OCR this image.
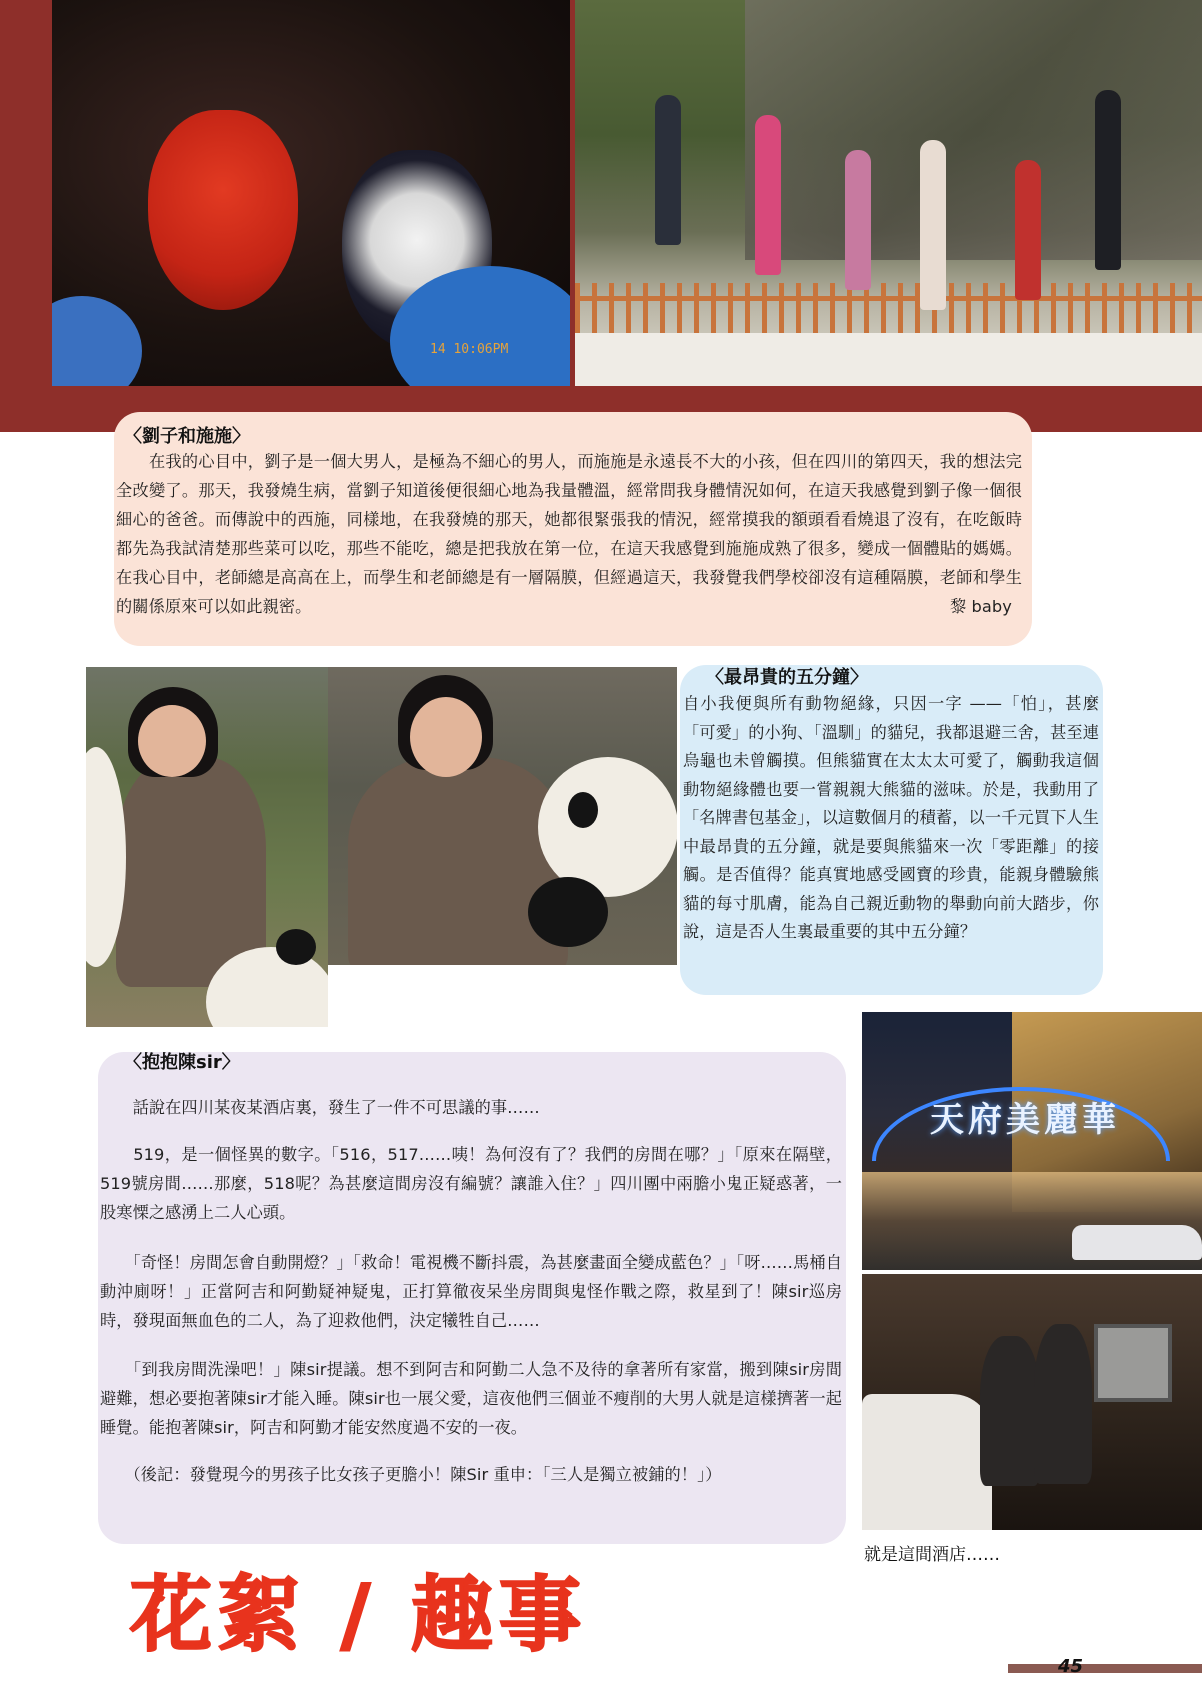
14 10:06PM
〈劉子和施施〉
　　在我的心目中，劉子是一個大男人，是極為不細心的男人，而施施是永遠長不大的小孩，但在四川的第四天，我的想法完全改變了。那天，我發燒生病，當劉子知道後便很細心地為我量體溫，經常問我身體情況如何，在這天我感覺到劉子像一個很細心的爸爸。而傳說中的西施，同樣地，在我發燒的那天，她都很緊張我的情況，經常摸我的額頭看看燒退了沒有，在吃飯時都先為我試清楚那些菜可以吃，那些不能吃，總是把我放在第一位，在這天我感覺到施施成熟了很多，變成一個體貼的媽媽。在我心目中，老師總是高高在上，而學生和老師總是有一層隔膜，但經過這天，我發覺我們學校卻沒有這種隔膜，老師和學生的關係原來可以如此親密。	黎 baby
〈最昂貴的五分鐘〉
自小我便與所有動物絕緣，只因一字 ——「怕」，甚麼「可愛」的小狗、「溫馴」的貓兒，我都退避三舍，甚至連烏龜也未曾觸摸。但熊貓實在太太太可愛了，觸動我這個動物絕緣體也要一嘗親親大熊貓的滋味。於是，我動用了「名牌書包基金」，以這數個月的積蓄，以一千元買下人生中最昂貴的五分鐘，就是要與熊貓來一次「零距離」的接觸。是否值得？能真實地感受國寶的珍貴，能親身體驗熊貓的每寸肌膚，能為自己親近動物的舉動向前大踏步，你說，這是否人生裏最重要的其中五分鐘？
〈抱抱陳sir〉
　　話說在四川某夜某酒店裏，發生了一件不可思議的事……
　　519，是一個怪異的數字。「516，517……咦！為何沒有了？我們的房間在哪？」「原來在隔壁，519號房間……那麼，518呢？為甚麼這間房沒有編號？讓誰入住？」四川團中兩膽小鬼正疑惑著，一股寒慄之感湧上二人心頭。
　　「奇怪！房間怎會自動開燈？」「救命！電視機不斷抖震，為甚麼畫面全變成藍色？」「呀……馬桶自動沖廁呀！」正當阿吉和阿勤疑神疑鬼，正打算徹夜呆坐房間與鬼怪作戰之際，救星到了！陳sir巡房時，發現面無血色的二人，為了迎救他們，決定犧牲自己……
　　「到我房間洗澡吧！」陳sir提議。想不到阿吉和阿勤二人急不及待的拿著所有家當，搬到陳sir房間避難，想必要抱著陳sir才能入睡。陳sir也一展父愛，這夜他們三個並不瘦削的大男人就是這樣擠著一起睡覺。能抱著陳sir，阿吉和阿勤才能安然度過不安的一夜。
　　（後記：發覺現今的男孩子比女孩子更膽小！陳Sir 重申：「三人是獨立被鋪的！」）
天府美麗華
就是這間酒店……
花絮 / 趣事
45
